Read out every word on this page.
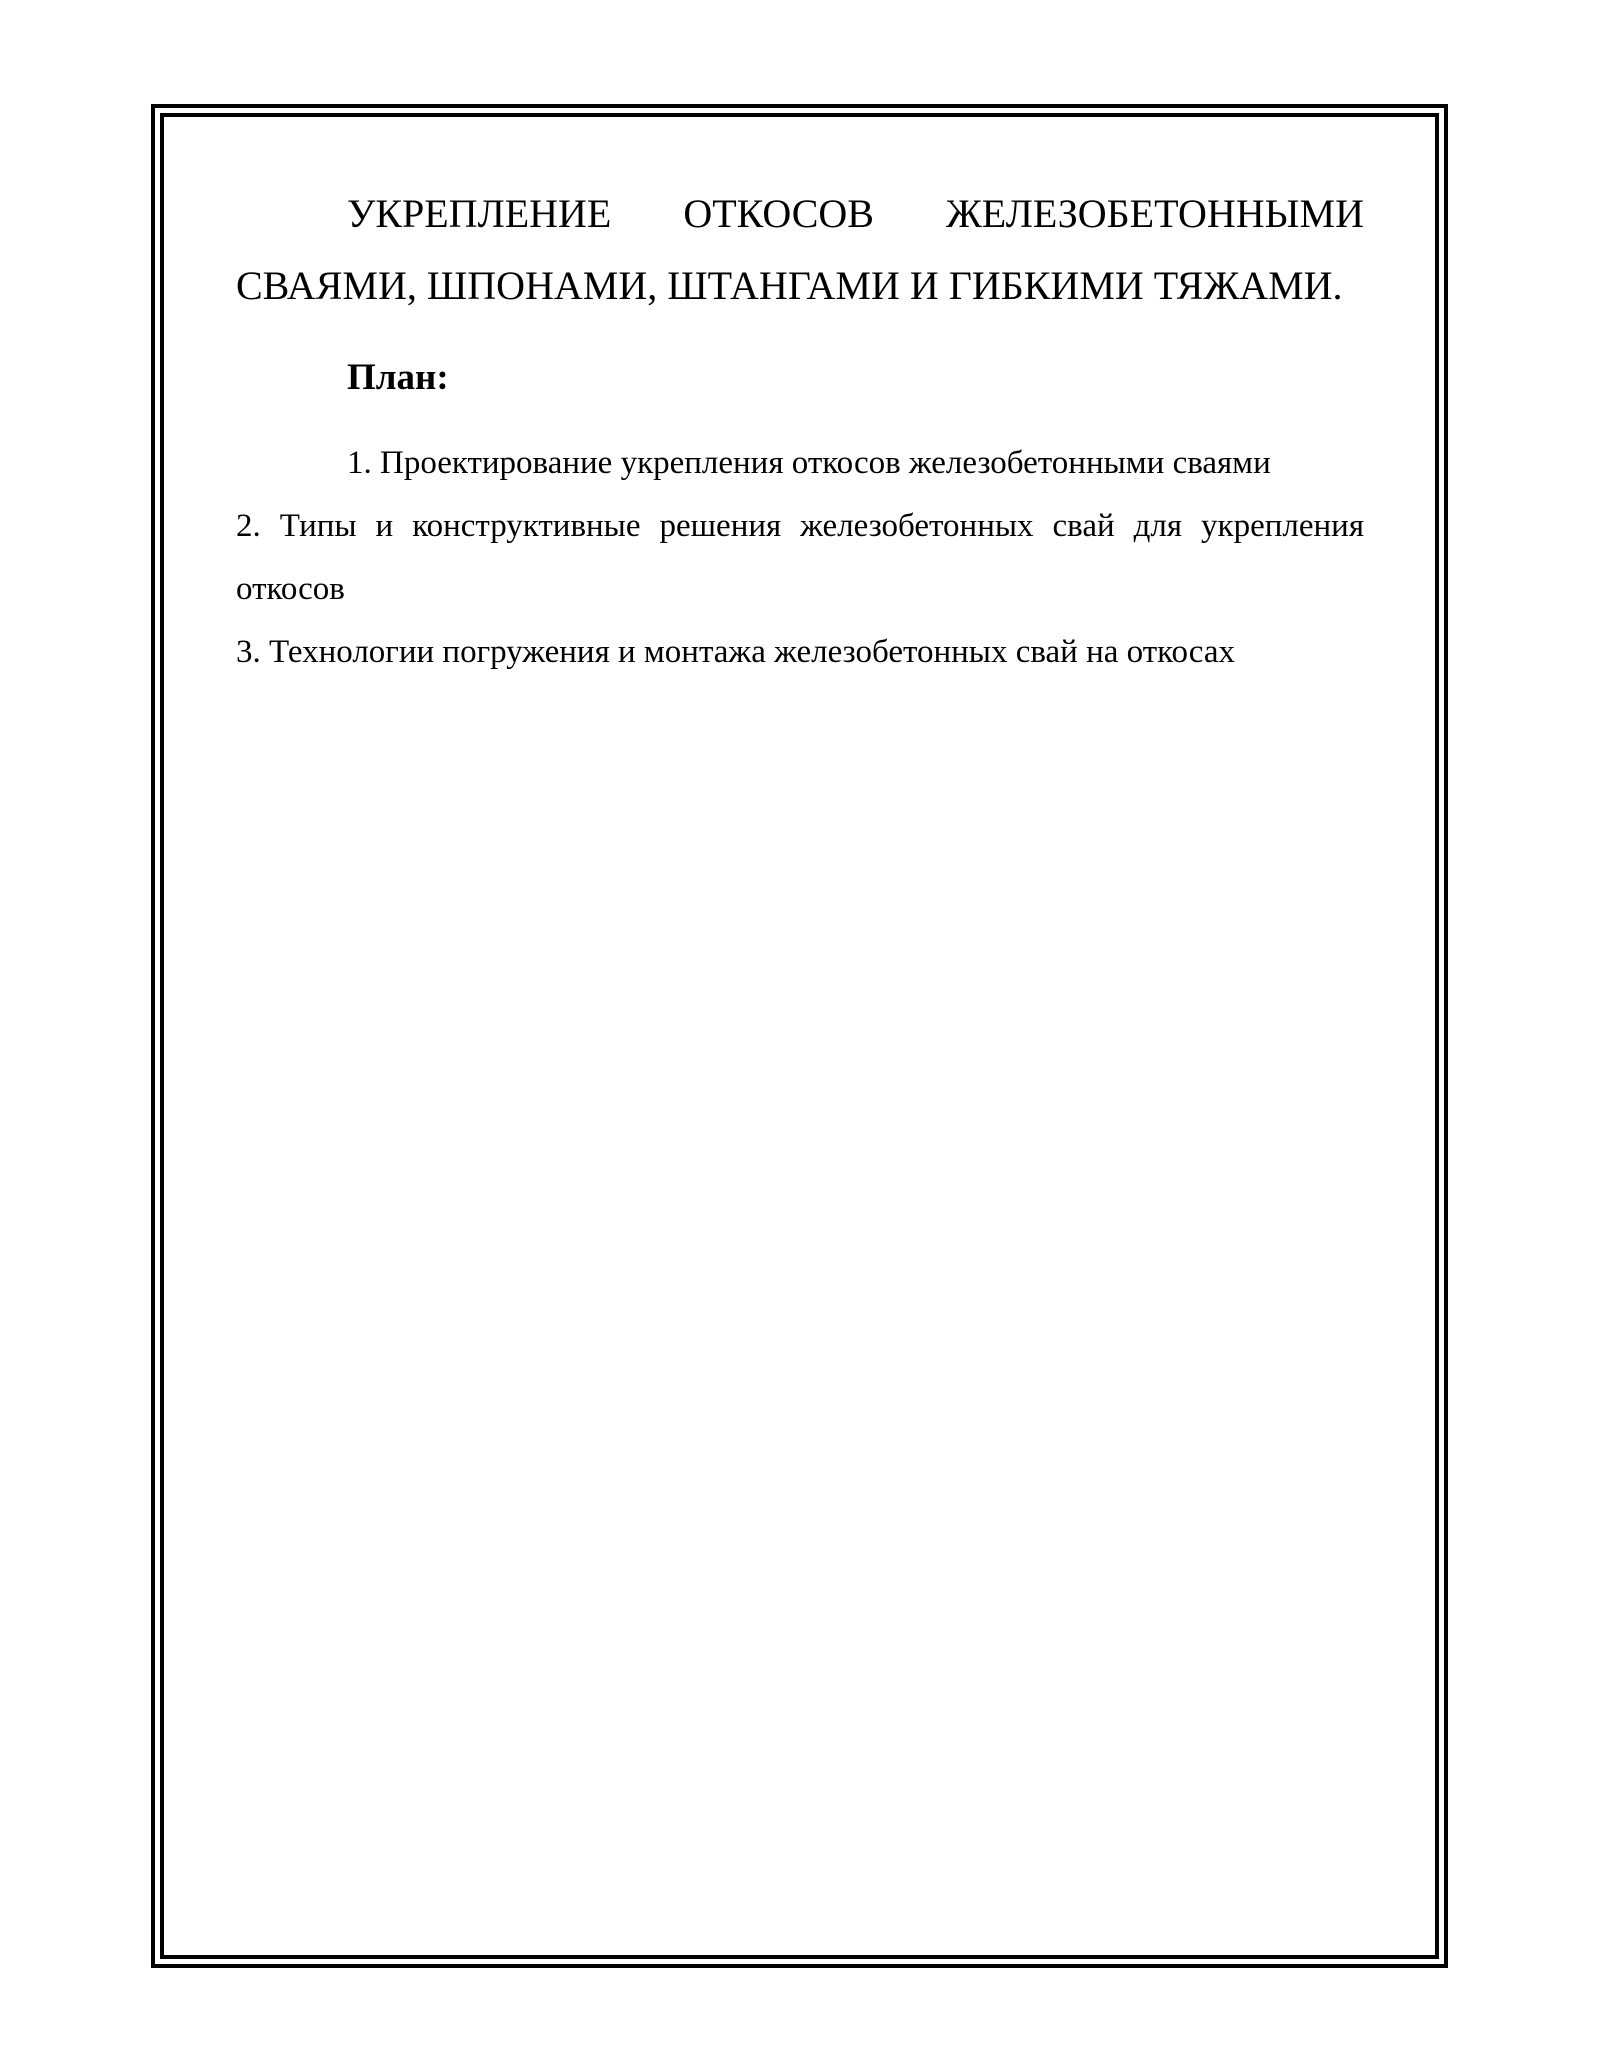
УКРЕПЛЕНИЕ ОТКОСОВ ЖЕЛЕЗОБЕТОННЫМИ СВАЯМИ, ШПОНАМИ, ШТАНГАМИ И ГИБКИМИ ТЯЖАМИ.
План:
1. Проектирование укрепления откосов железобетонными сваями
2. Типы и конструктивные решения железобетонных свай для укрепления откосов
3. Технологии погружения и монтажа железобетонных свай на откосах
